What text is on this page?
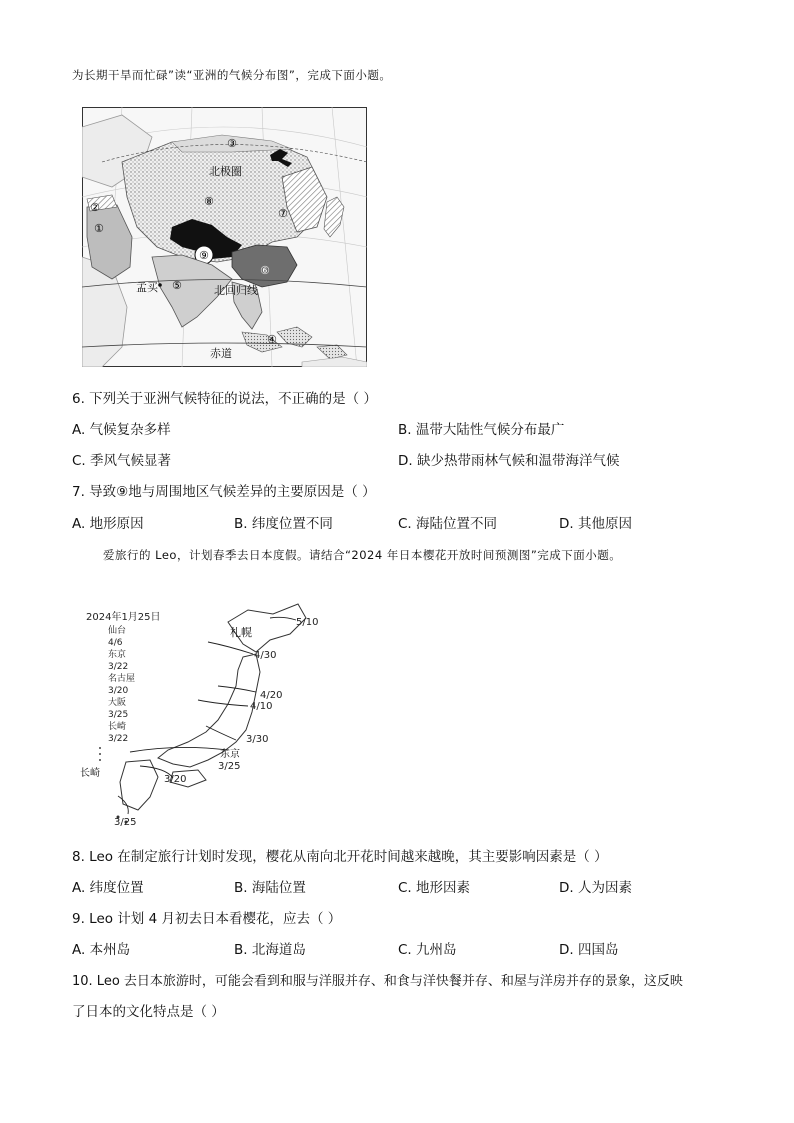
为长期干旱而忙碌”读“亚洲的气候分布图”，完成下面小题。
北极圈
北回归线
赤道
孟买
①
②
③
④
⑤
⑥
⑦
⑧
⑨
6. 下列关于亚洲气候特征的说法，不正确的是（ ）
A. 气候复杂多样	B. 温带大陆性气候分布最广
C. 季风气候显著	D. 缺少热带雨林气候和温带海洋气候
7. 导致⑨地与周围地区气候差异的主要原因是（ ）
A. 地形原因	B. 纬度位置不同	C. 海陆位置不同	D. 其他原因
爱旅行的 Leo，计划春季去日本度假。请结合“2024 年日本樱花开放时间预测图”完成下面小题。
2024年1月25日
仙台
4/6
东京
3/22
名古屋
3/20
大阪
3/25
长崎
3/22
5/10
4/30
4/20
4/10
3/30
3/25
3/20
3/25
札幌
东京
长崎
8. Leo 在制定旅行计划时发现，樱花从南向北开花时间越来越晚，其主要影响因素是（ ）
A. 纬度位置	B. 海陆位置	C. 地形因素	D. 人为因素
9. Leo 计划 4 月初去日本看樱花，应去（ ）
A. 本州岛	B. 北海道岛	C. 九州岛	D. 四国岛
10. Leo 去日本旅游时，可能会看到和服与洋服并存、和食与洋快餐并存、和屋与洋房并存的景象，这反映
了日本的文化特点是（ ）
